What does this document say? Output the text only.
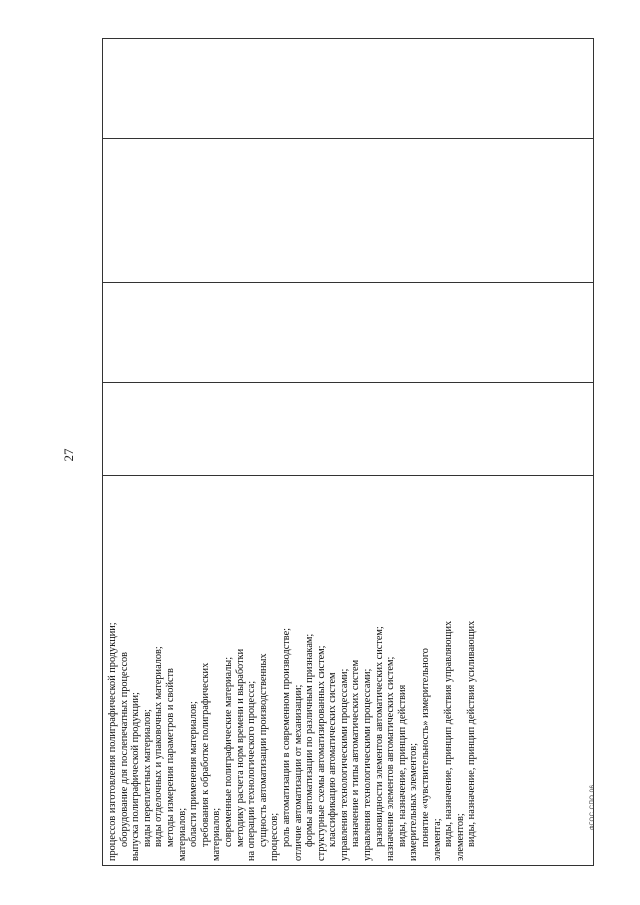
27
процессов изготовления полиграфической продукции; оборудование для послепечатных процессов выпуска полиграфической продукции; виды переплетных материалов; виды отделочных и упаковочных материалов; методы измерения параметров и свойств материалов; области применения материалов; требования к обработке полиграфических материалов; современные полиграфические материалы; методику расчета норм времени и выработки на операции технологического процесса; сущность автоматизации производственных процессов; роль автоматизации в современном производстве; отличие автоматизации от механизации; формы автоматизации по различным признакам; структурные схемы автоматизированных систем; классификацию автоматических систем управления технологическими процессами; назначение и типы автоматических систем управления технологическими процессами; разновидности элементов автоматических систем; назначение элементов автоматических систем; виды, назначение, принцип действия измерительных элементов; понятие «чувствительность» измерительного элемента; виды, назначение, принцип действия управляющих элементов; виды, назначение, принцип действия усиливающих	ФГОС СПО 06
